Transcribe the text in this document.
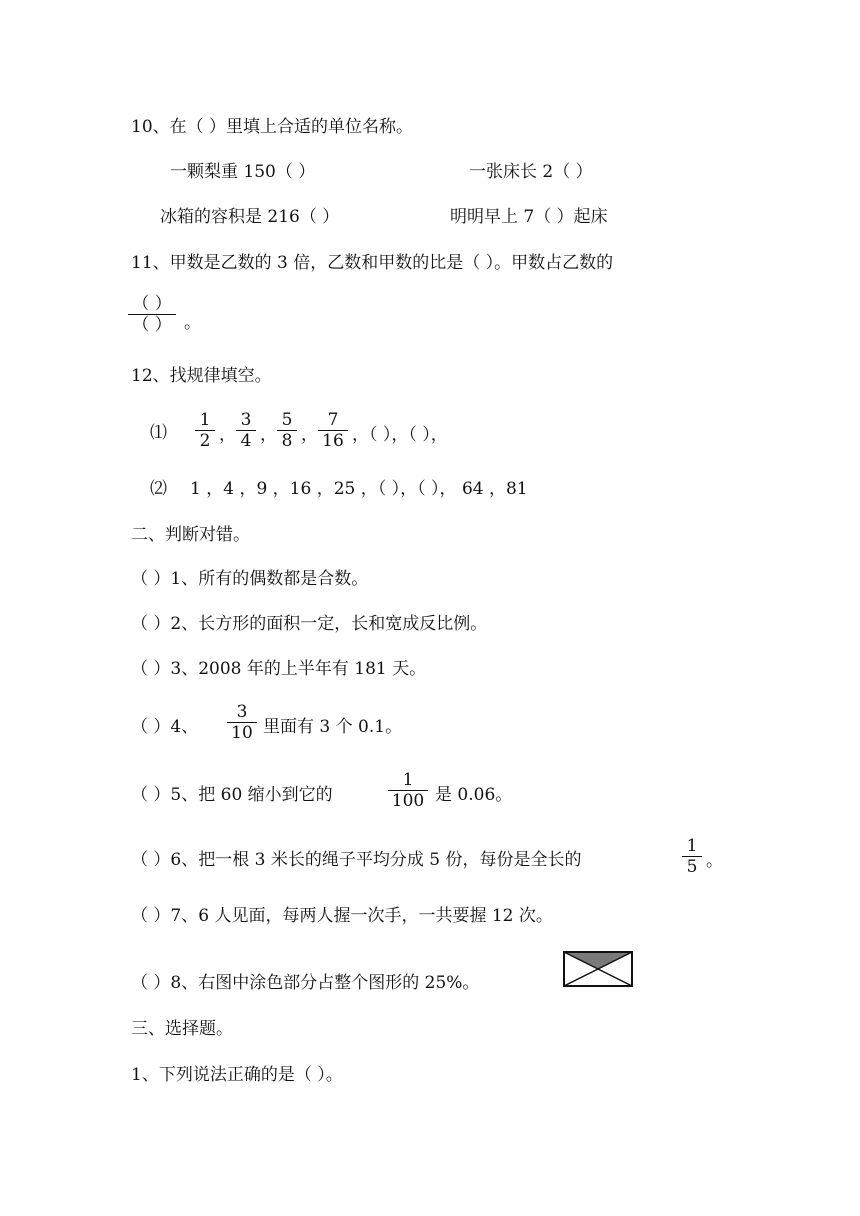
10、在（ ）里填上合适的单位名称。
一颗梨重 150（ ）	一张床长 2（ ）
冰箱的容积是 216（ ）	明明早上 7（ ）起床
11、甲数是乙数的 3 倍，乙数和甲数的比是（ ）。甲数占乙数的
（ ）
（ ） 。
12、找规律填空。
⑴ $\frac{1}{2}$ ， $\frac{3}{4}$ ， $\frac{5}{8}$ ， $\frac{7}{16}$ ，（ ），（ ），
⑵ 1 ，4 ，9 ，16 ，25 ，（ ），（ ）， 64 ，81
二、判断对错。
（ ）1、所有的偶数都是合数。
（ ）2、长方形的面积一定，长和宽成反比例。
（ ）3、2008 年的上半年有 181 天。
（ ）4、 $\frac{3}{10}$ 里面有 3 个 0.1。
（ ）5、把 60 缩小到它的	$\frac{1}{100}$ 是 0.06。
（ ）6、把一根 3 米长的绳子平均分成 5 份，每份是全长的	$\frac{1}{5}$ 。
（ ）7、6 人见面，每两人握一次手，一共要握 12 次。
（ ）8、右图中涂色部分占整个图形的 25%。
三、选择题。
1、下列说法正确的是（ ）。
